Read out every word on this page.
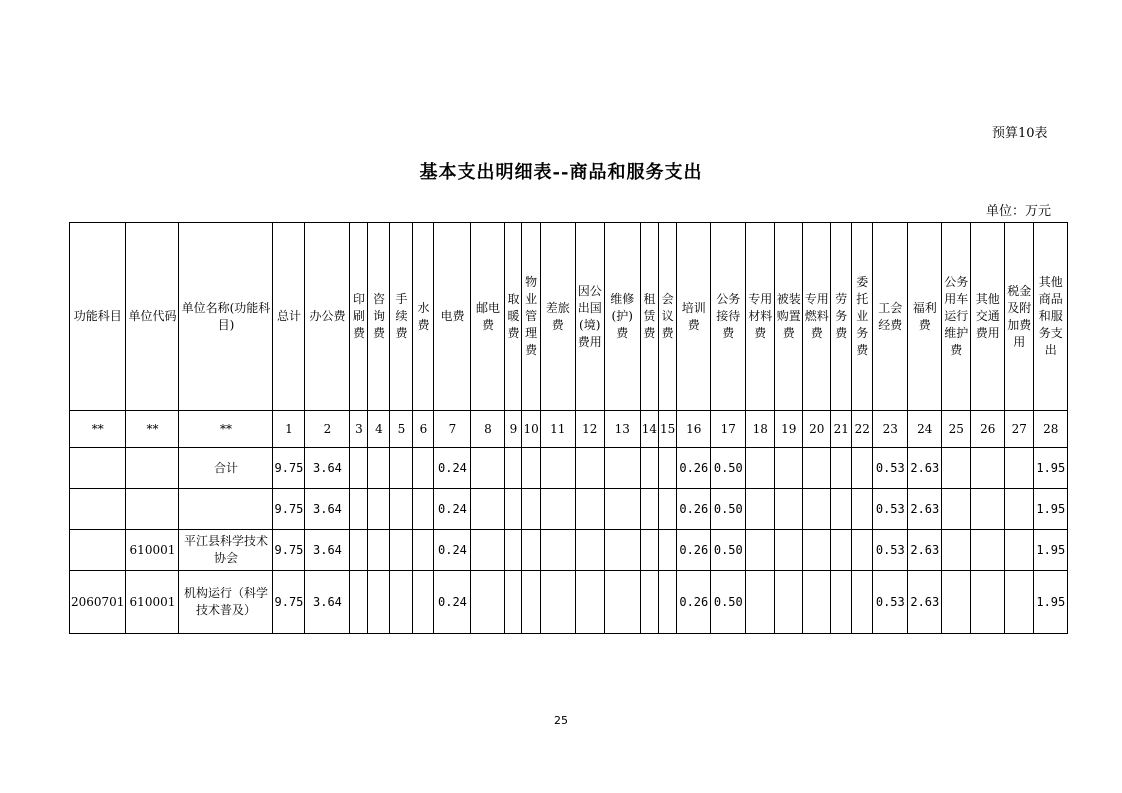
预算10表
基本支出明细表--商品和服务支出
单位：万元
功能科目	单位代码	单位名称(功能科目)	总计	办公费	印刷费	咨询费	手续费	水费	电费	邮电费	取暖费	物业管理费	差旅费	因公出国(境)费用	维修(护)费	租赁费	会议费	培训费	公务接待费	专用材料费	被装购置费	专用燃料费	劳务费	委托业务费	工会经费	福利费	公务用车运行维护费	其他交通费用	税金及附加费用	其他商品和服务支出
**	**	**	1	2	3	4	5	6	7	8	9	10	11	12	13	14	15	16	17	18	19	20	21	22	23	24	25	26	27	28
		合计	9.75	3.64					0.24									0.26	0.50						0.53	2.63				1.95
			9.75	3.64					0.24									0.26	0.50						0.53	2.63				1.95
	610001	平江县科学技术协会	9.75	3.64					0.24									0.26	0.50						0.53	2.63				1.95
2060701	610001	机构运行（科学技术普及）	9.75	3.64					0.24									0.26	0.50						0.53	2.63				1.95
25
